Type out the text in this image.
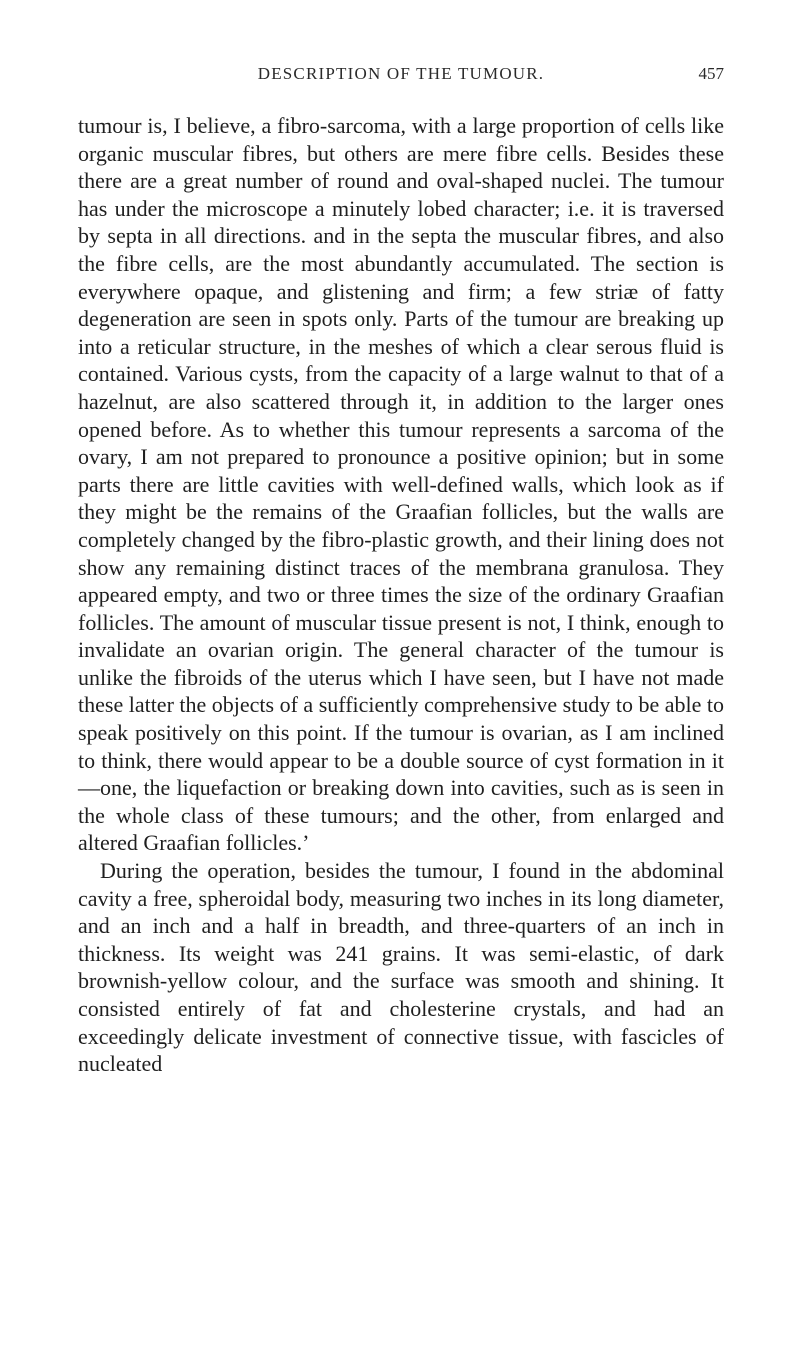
DESCRIPTION OF THE TUMOUR.	457

tumour is, I believe, a fibro-sarcoma, with a large proportion of cells like organic muscular fibres, but others are mere fibre cells. Besides these there are a great number of round and oval-shaped nuclei. The tumour has under the microscope a minutely lobed character; i.e. it is traversed by septa in all directions. and in the septa the muscular fibres, and also the fibre cells, are the most abundantly accumulated. The section is everywhere opaque, and glistening and firm; a few striæ of fatty degeneration are seen in spots only. Parts of the tumour are breaking up into a reticular structure, in the meshes of which a clear serous fluid is contained. Various cysts, from the capacity of a large walnut to that of a hazelnut, are also scattered through it, in addition to the larger ones opened before. As to whether this tumour represents a sarcoma of the ovary, I am not prepared to pronounce a positive opinion; but in some parts there are little cavities with well-defined walls, which look as if they might be the remains of the Graafian follicles, but the walls are completely changed by the fibro-plastic growth, and their lining does not show any remaining distinct traces of the membrana granulosa. They appeared empty, and two or three times the size of the ordinary Graafian follicles. The amount of muscular tissue present is not, I think, enough to invalidate an ovarian origin. The general character of the tumour is unlike the fibroids of the uterus which I have seen, but I have not made these latter the objects of a sufficiently comprehensive study to be able to speak positively on this point. If the tumour is ovarian, as I am inclined to think, there would appear to be a double source of cyst formation in it—one, the liquefaction or breaking down into cavities, such as is seen in the whole class of these tumours; and the other, from enlarged and altered Graafian follicles.’

During the operation, besides the tumour, I found in the abdominal cavity a free, spheroidal body, measuring two inches in its long diameter, and an inch and a half in breadth, and three-quarters of an inch in thickness. Its weight was 241 grains. It was semi-elastic, of dark brownish-yellow colour, and the surface was smooth and shining. It consisted entirely of fat and cholesterine crystals, and had an exceedingly delicate investment of connective tissue, with fascicles of nucleated
